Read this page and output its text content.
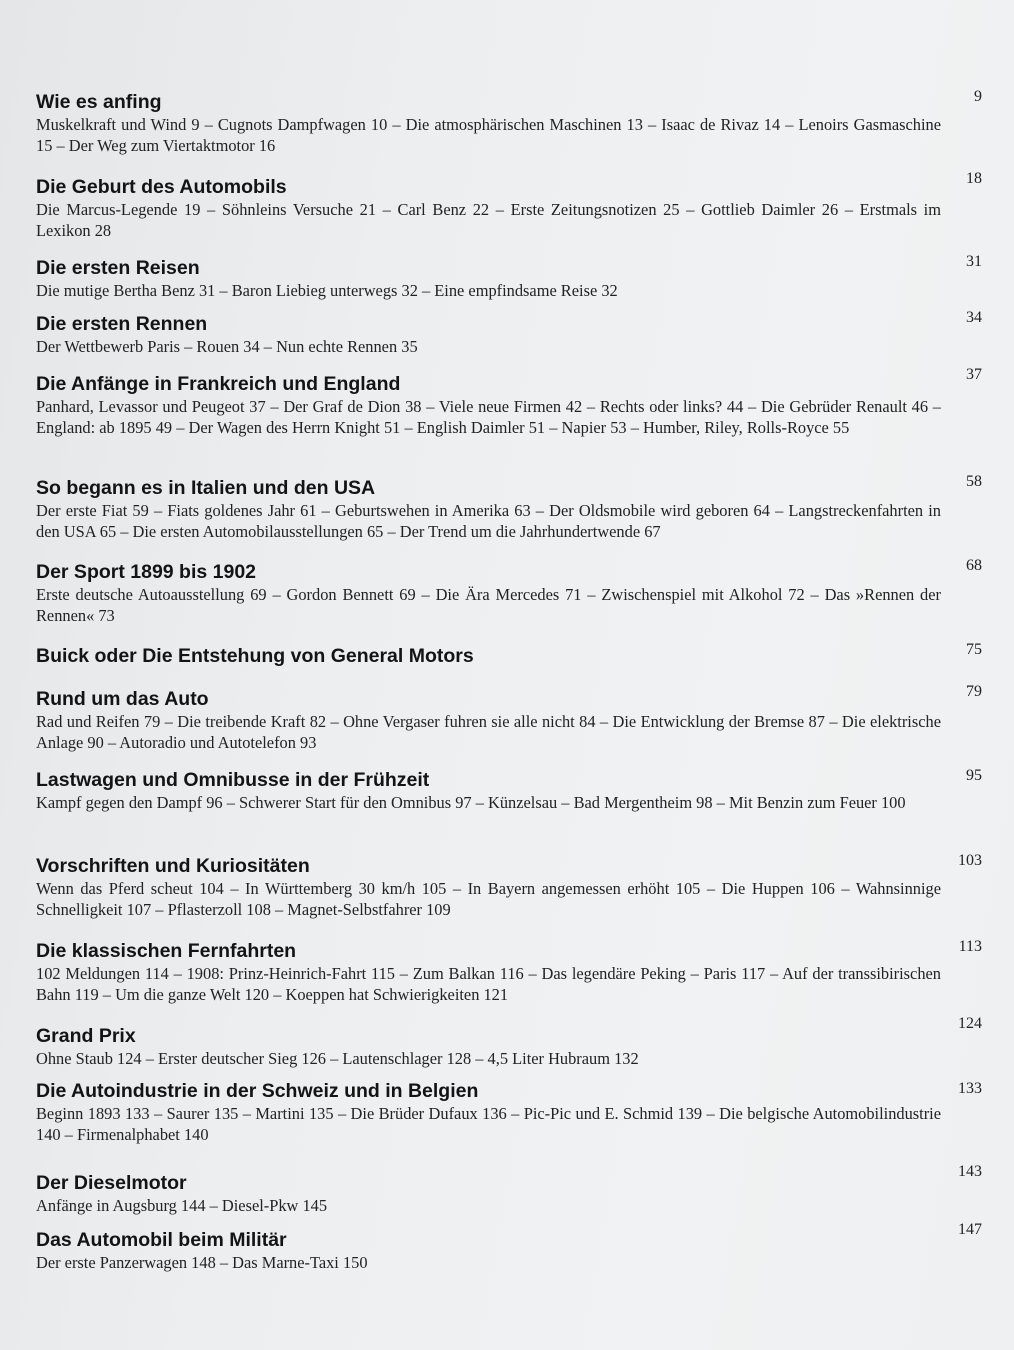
Wie es anfing
Muskelkraft und Wind 9 – Cugnots Dampfwagen 10 – Die atmosphärischen Maschinen 13 – Isaac de Rivaz 14 – Lenoirs Gasmaschine 15 – Der Weg zum Viertaktmotor 16
9
Die Geburt des Automobils
Die Marcus-Legende 19 – Söhnleins Versuche 21 – Carl Benz 22 – Erste Zeitungsnotizen 25 – Gottlieb Daimler 26 – Erstmals im Lexikon 28
18
Die ersten Reisen
Die mutige Bertha Benz 31 – Baron Liebieg unterwegs 32 – Eine empfindsame Reise 32
31
Die ersten Rennen
Der Wettbewerb Paris – Rouen 34 – Nun echte Rennen 35
34
Die Anfänge in Frankreich und England
Panhard, Levassor und Peugeot 37 – Der Graf de Dion 38 – Viele neue Firmen 42 – Rechts oder links? 44 – Die Gebrüder Renault 46 – England: ab 1895 49 – Der Wagen des Herrn Knight 51 – English Daimler 51 – Napier 53 – Humber, Riley, Rolls-Royce 55
37
So begann es in Italien und den USA
Der erste Fiat 59 – Fiats goldenes Jahr 61 – Geburtswehen in Amerika 63 – Der Oldsmobile wird geboren 64 – Langstreckenfahrten in den USA 65 – Die ersten Automobilausstellungen 65 – Der Trend um die Jahrhundertwende 67
58
Der Sport 1899 bis 1902
Erste deutsche Autoausstellung 69 – Gordon Bennett 69 – Die Ära Mercedes 71 – Zwischenspiel mit Alkohol 72 – Das »Rennen der Rennen« 73
68
Buick oder Die Entstehung von General Motors	75
Rund um das Auto
Rad und Reifen 79 – Die treibende Kraft 82 – Ohne Vergaser fuhren sie alle nicht 84 – Die Entwicklung der Bremse 87 – Die elektrische Anlage 90 – Autoradio und Autotelefon 93
79
Lastwagen und Omnibusse in der Frühzeit
Kampf gegen den Dampf 96 – Schwerer Start für den Omnibus 97 – Künzelsau – Bad Mergentheim 98 – Mit Benzin zum Feuer 100
95
Vorschriften und Kuriositäten
Wenn das Pferd scheut 104 – In Württemberg 30 km/h 105 – In Bayern angemessen erhöht 105 – Die Huppen 106 – Wahnsinnige Schnelligkeit 107 – Pflasterzoll 108 – Magnet-Selbstfahrer 109
103
Die klassischen Fernfahrten
102 Meldungen 114 – 1908: Prinz-Heinrich-Fahrt 115 – Zum Balkan 116 – Das legendäre Peking – Paris 117 – Auf der transsibirischen Bahn 119 – Um die ganze Welt 120 – Koeppen hat Schwierigkeiten 121
113
Grand Prix
Ohne Staub 124 – Erster deutscher Sieg 126 – Lautenschlager 128 – 4,5 Liter Hubraum 132
124
Die Autoindustrie in der Schweiz und in Belgien
Beginn 1893 133 – Saurer 135 – Martini 135 – Die Brüder Dufaux 136 – Pic-Pic und E. Schmid 139 – Die belgische Automobilindustrie 140 – Firmenalphabet 140
133
Der Dieselmotor
Anfänge in Augsburg 144 – Diesel-Pkw 145
143
Das Automobil beim Militär
Der erste Panzerwagen 148 – Das Marne-Taxi 150
147
